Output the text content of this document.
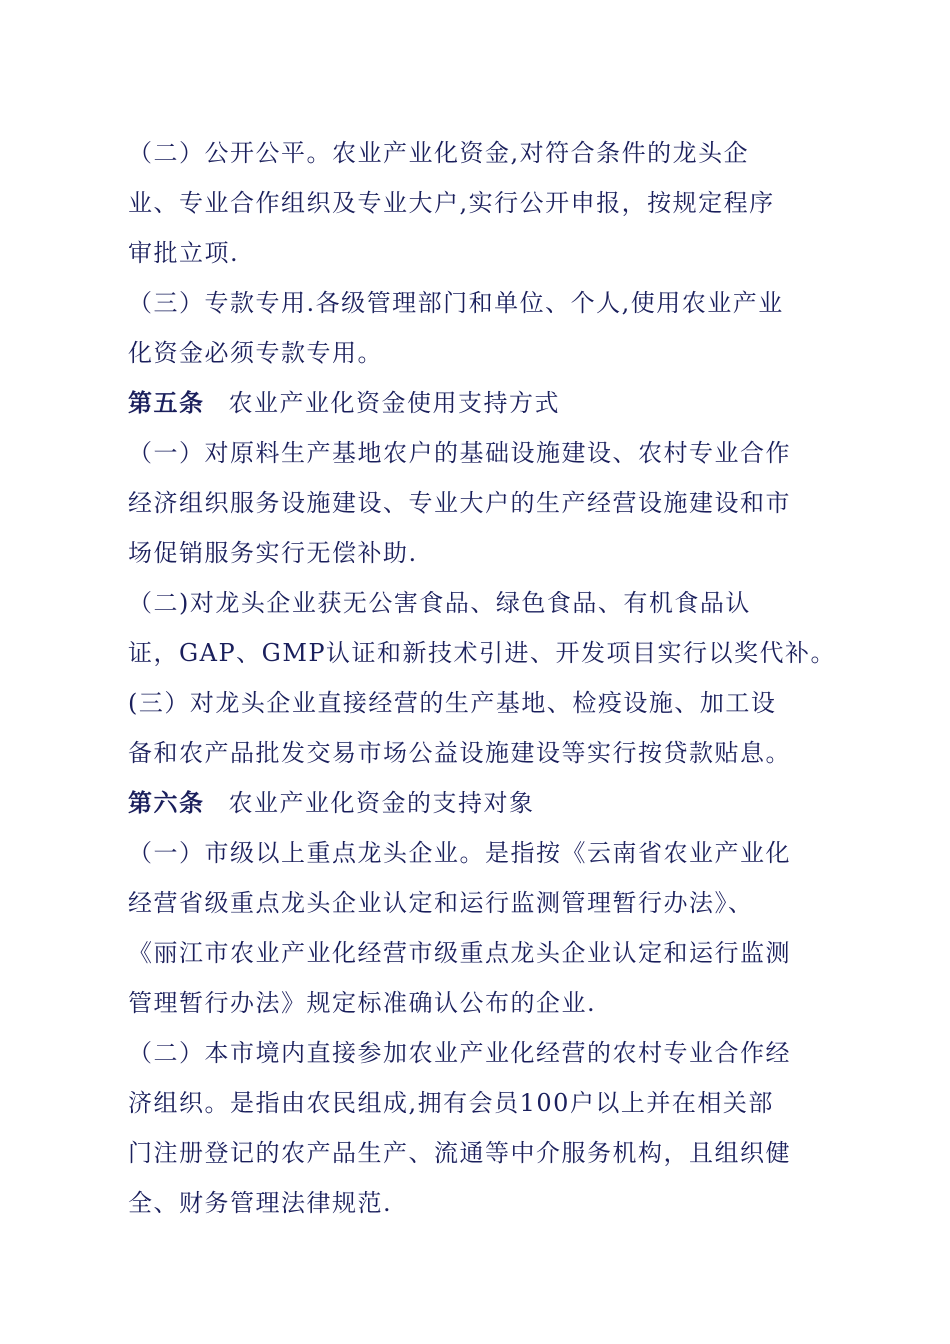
（二）公开公平。农业产业化资金,对符合条件的龙头企
业、专业合作组织及专业大户,实行公开申报，按规定程序
审批立项.
（三）专款专用.各级管理部门和单位、个人,使用农业产业
化资金必须专款专用。
第五条 农业产业化资金使用支持方式
（一）对原料生产基地农户的基础设施建设、农村专业合作
经济组织服务设施建设、专业大户的生产经营设施建设和市
场促销服务实行无偿补助.
（二)对龙头企业获无公害食品、绿色食品、有机食品认
证，GAP、GMP认证和新技术引进、开发项目实行以奖代补。
(三）对龙头企业直接经营的生产基地、检疫设施、加工设
备和农产品批发交易市场公益设施建设等实行按贷款贴息。
第六条 农业产业化资金的支持对象
（一）市级以上重点龙头企业。是指按《云南省农业产业化
经营省级重点龙头企业认定和运行监测管理暂行办法》、
《丽江市农业产业化经营市级重点龙头企业认定和运行监测
管理暂行办法》规定标准确认公布的企业.
（二）本市境内直接参加农业产业化经营的农村专业合作经
济组织。是指由农民组成,拥有会员100户以上并在相关部
门注册登记的农产品生产、流通等中介服务机构，且组织健
全、财务管理法律规范.
